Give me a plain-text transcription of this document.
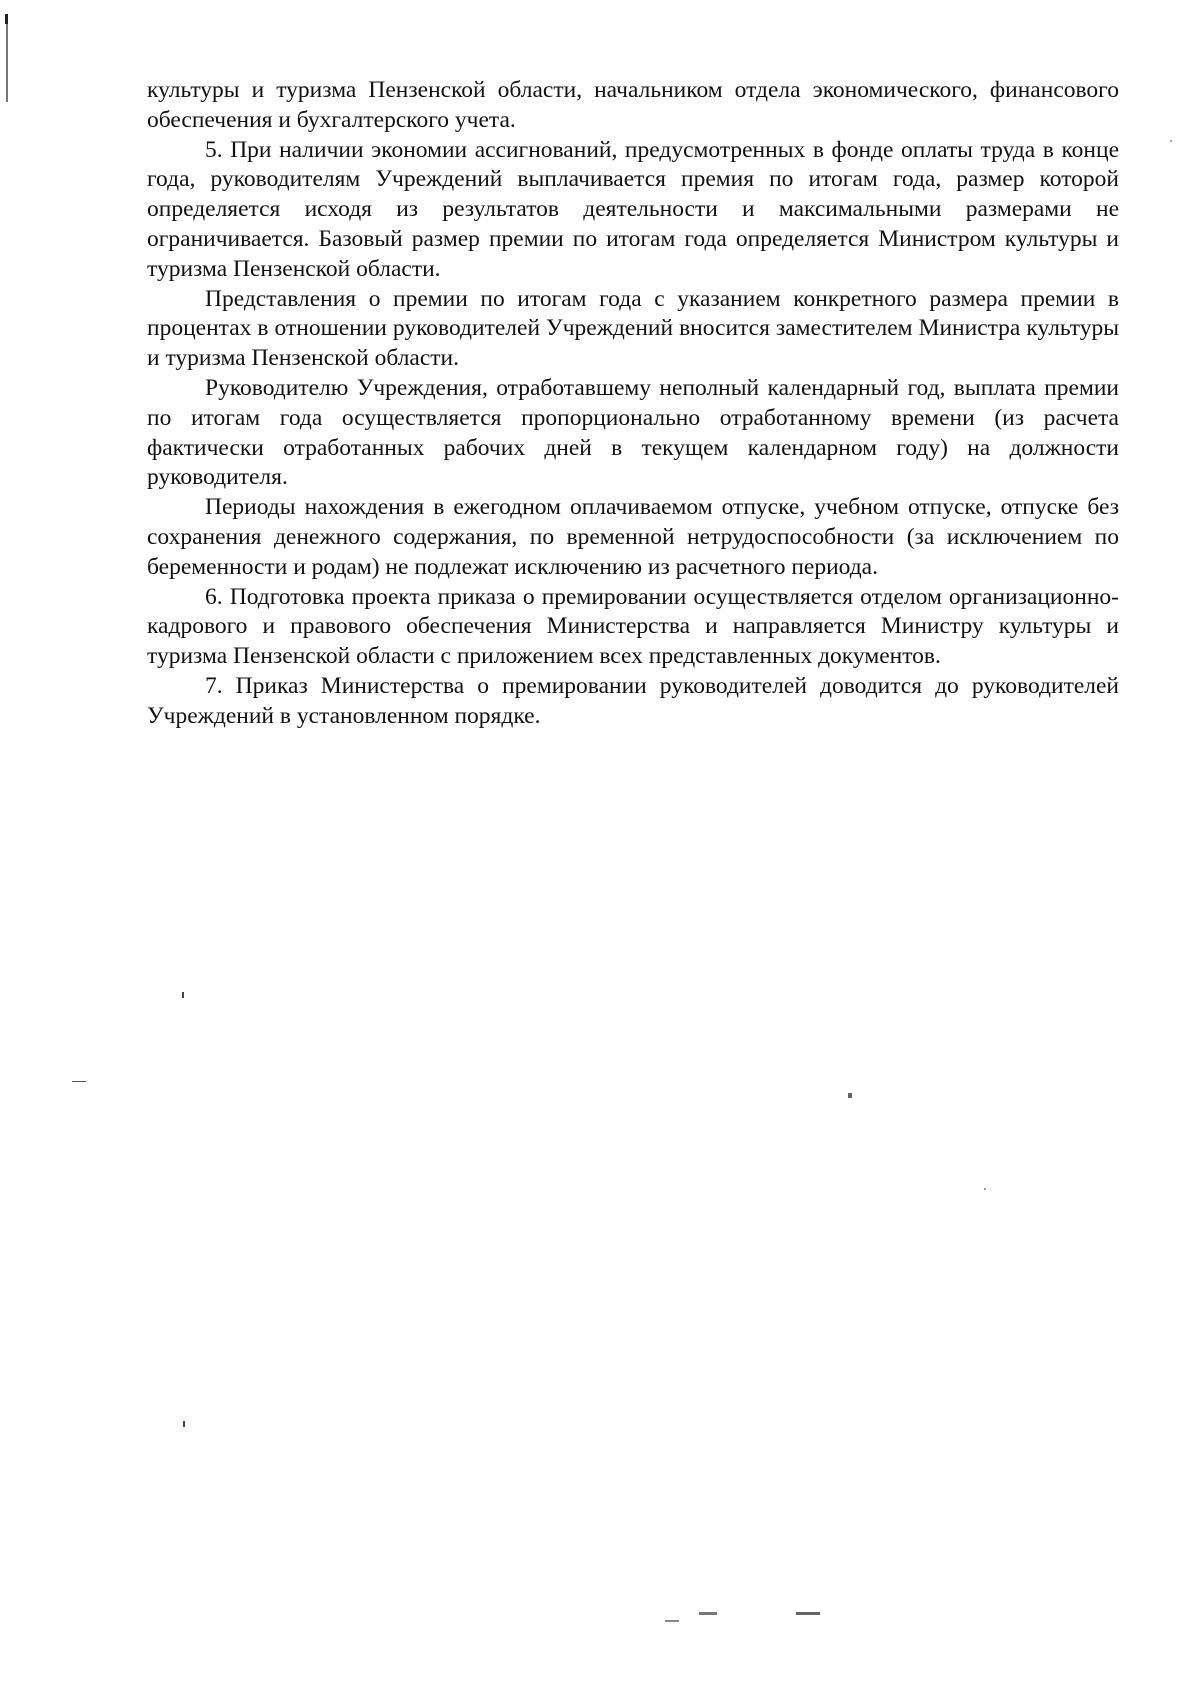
культуры и туризма Пензенской области, начальником отдела экономического, финансового обеспечения и бухгалтерского учета.

5. При наличии экономии ассигнований, предусмотренных в фонде оплаты труда в конце года, руководителям Учреждений выплачивается премия по итогам года, размер которой определяется исходя из результатов деятельности и максимальными размерами не ограничивается. Базовый размер премии по итогам года определяется Министром культуры и туризма Пензенской области.

Представления о премии по итогам года с указанием конкретного размера премии в процентах в отношении руководителей Учреждений вносится заместителем Министра культуры и туризма Пензенской области.

Руководителю Учреждения, отработавшему неполный календарный год, выплата премии по итогам года осуществляется пропорционально отработанному времени (из расчета фактически отработанных рабочих дней в текущем календарном году) на должности руководителя.

Периоды нахождения в ежегодном оплачиваемом отпуске, учебном отпуске, отпуске без сохранения денежного содержания, по временной нетрудоспособности (за исключением по беременности и родам) не подлежат исключению из расчетного периода.

6. Подготовка проекта приказа о премировании осуществляется отделом организационно-кадрового и правового обеспечения Министерства и направляется Министру культуры и туризма Пензенской области с приложением всех представленных документов.

7. Приказ Министерства о премировании руководителей доводится до руководителей Учреждений в установленном порядке.
